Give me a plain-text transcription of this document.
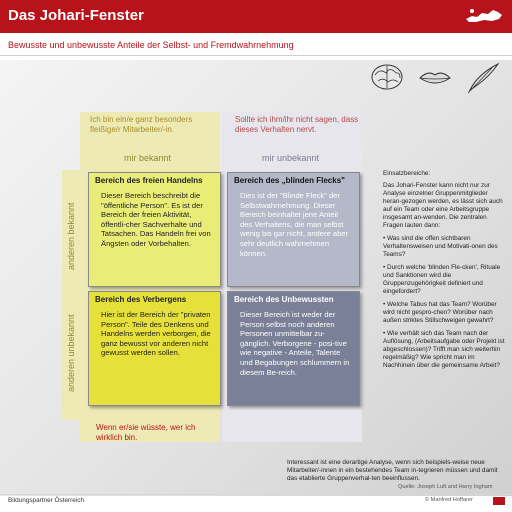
Das Johari-Fenster
Bewusste und unbewusste Anteile der Selbst- und Fremdwahrnehmung
Ich bin ein/e ganz besonders fleißige/r Mitarbeiter/-in.
Sollte ich ihm/ihr nicht sagen, dass dieses Verhalten nervt.
mir bekannt	mir unbekannt
anderen bekannt
anderen unbekannt
Bereich des freien Handelns
Dieser Bereich beschreibt die "öffentliche Person". Es ist der Bereich der freien Aktivität, öffentli-cher Sachverhalte und Tatsachen. Das Handeln frei von Ängsten oder Vorbehalten.
Bereich des „blinden Flecks"
Dies ist der "Blinde Fleck" der Selbstwahrnehmung. Dieser Bereich beinhaltet jene Anteil des Verhaltens, die man selbst wenig bis gar nicht, andere aber sehr deutlich wahrnehmen können.
Bereich des Verbergens
Hier ist der Bereich der "privaten Person". Teile des Denkens und Handelns werden verborgen, die ganz bewusst vor anderen nicht gewusst werden sollen.
Bereich des Unbewussten
Dieser Bereich ist weder der Person selbst noch anderen Personen unmittelbar zu-gänglich. Verborgene - posi-tive wie negative - Anteile, Talente und Begabungen schlummern in diesem Be-reich.
Wenn er/sie wüsste, wer ich wirklich bin.

Einsatzbereiche:

Das Johari-Fenster kann nicht nur zur Analyse einzelner Gruppenmitglieder heran-gezogen werden, es lässt sich auch auf ein Team oder eine Arbeitsgruppe insgesamt an-wenden. Die zentralen Fragen lauten dann:

• Was sind die offen sichtbaren Verhaltensweisen und Motivati-onen des Teams?

• Durch welche 'blinden Fle-cken', Rituale und Sanktionen wird die Gruppenzugehörigkeit definiert und eingefordert?

• Welche Tabus hat das Team? Worüber wird nicht gespro-chen? Worüber nach außen striktes Stillschweigen gewahrt?

• Wie verhält sich das Team nach der Auflösung, (Arbeitsaufgabe oder Projekt ist abgeschlossen)? Trifft man sich weiterhin regelmäßig? Wie spricht man im Nachhinein über die gemeinsame Arbeit?

Interessant ist eine derartige Analyse, wenn sich beispiels-weise neue Mitarbeiter/-innen in ein bestehendes Team in-tegrieren müssen und damit das etablierte Gruppenverhal-ten beeinflussen.
Quelle: Joseph Luft and Harry Ingham
Bildungspartner Österreich	© Manfred Hoffarer
